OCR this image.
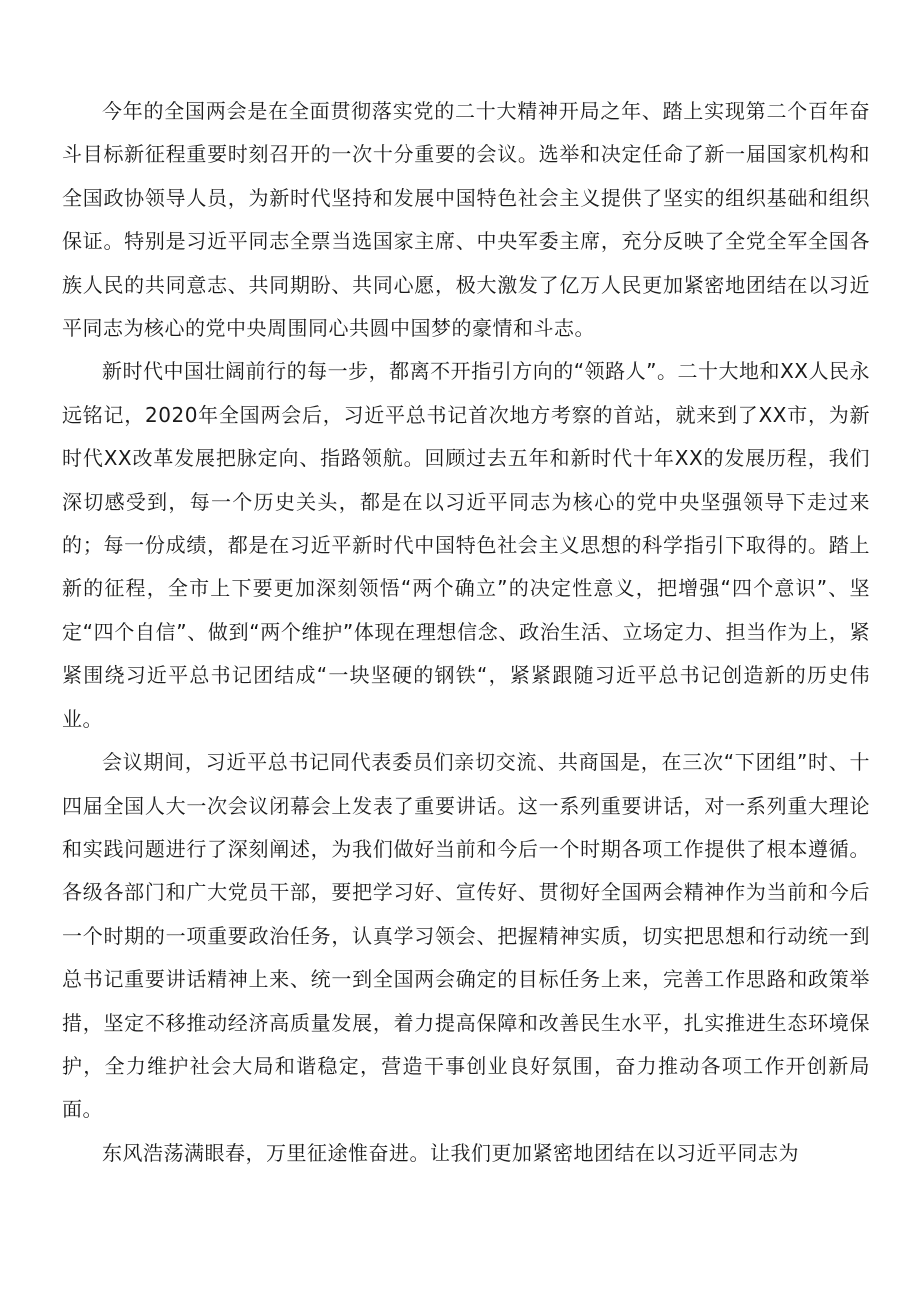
今年的全国两会是在全面贯彻落实党的二十大精神开局之年、踏上实现第二个百年奋斗目标新征程重要时刻召开的一次十分重要的会议。选举和决定任命了新一届国家机构和全国政协领导人员，为新时代坚持和发展中国特色社会主义提供了坚实的组织基础和组织保证。特别是习近平同志全票当选国家主席、中央军委主席，充分反映了全党全军全国各族人民的共同意志、共同期盼、共同心愿，极大激发了亿万人民更加紧密地团结在以习近平同志为核心的党中央周围同心共圆中国梦的豪情和斗志。

新时代中国壮阔前行的每一步，都离不开指引方向的“领路人”。二十大地和XX人民永远铭记，2020年全国两会后，习近平总书记首次地方考察的首站，就来到了XX市，为新时代XX改革发展把脉定向、指路领航。回顾过去五年和新时代十年XX的发展历程，我们深切感受到，每一个历史关头，都是在以习近平同志为核心的党中央坚强领导下走过来的；每一份成绩，都是在习近平新时代中国特色社会主义思想的科学指引下取得的。踏上新的征程，全市上下要更加深刻领悟“两个确立”的决定性意义，把增强“四个意识”、坚定“四个自信”、做到“两个维护”体现在理想信念、政治生活、立场定力、担当作为上，紧紧围绕习近平总书记团结成“一块坚硬的钢铁“，紧紧跟随习近平总书记创造新的历史伟业。

会议期间，习近平总书记同代表委员们亲切交流、共商国是，在三次“下团组”时、十四届全国人大一次会议闭幕会上发表了重要讲话。这一系列重要讲话，对一系列重大理论和实践问题进行了深刻阐述，为我们做好当前和今后一个时期各项工作提供了根本遵循。各级各部门和广大党员干部，要把学习好、宣传好、贯彻好全国两会精神作为当前和今后一个时期的一项重要政治任务，认真学习领会、把握精神实质，切实把思想和行动统一到总书记重要讲话精神上来、统一到全国两会确定的目标任务上来，完善工作思路和政策举措，坚定不移推动经济高质量发展，着力提高保障和改善民生水平，扎实推进生态环境保护，全力维护社会大局和谐稳定，营造干事创业良好氛围，奋力推动各项工作开创新局面。

东风浩荡满眼春，万里征途惟奋进。让我们更加紧密地团结在以习近平同志为
